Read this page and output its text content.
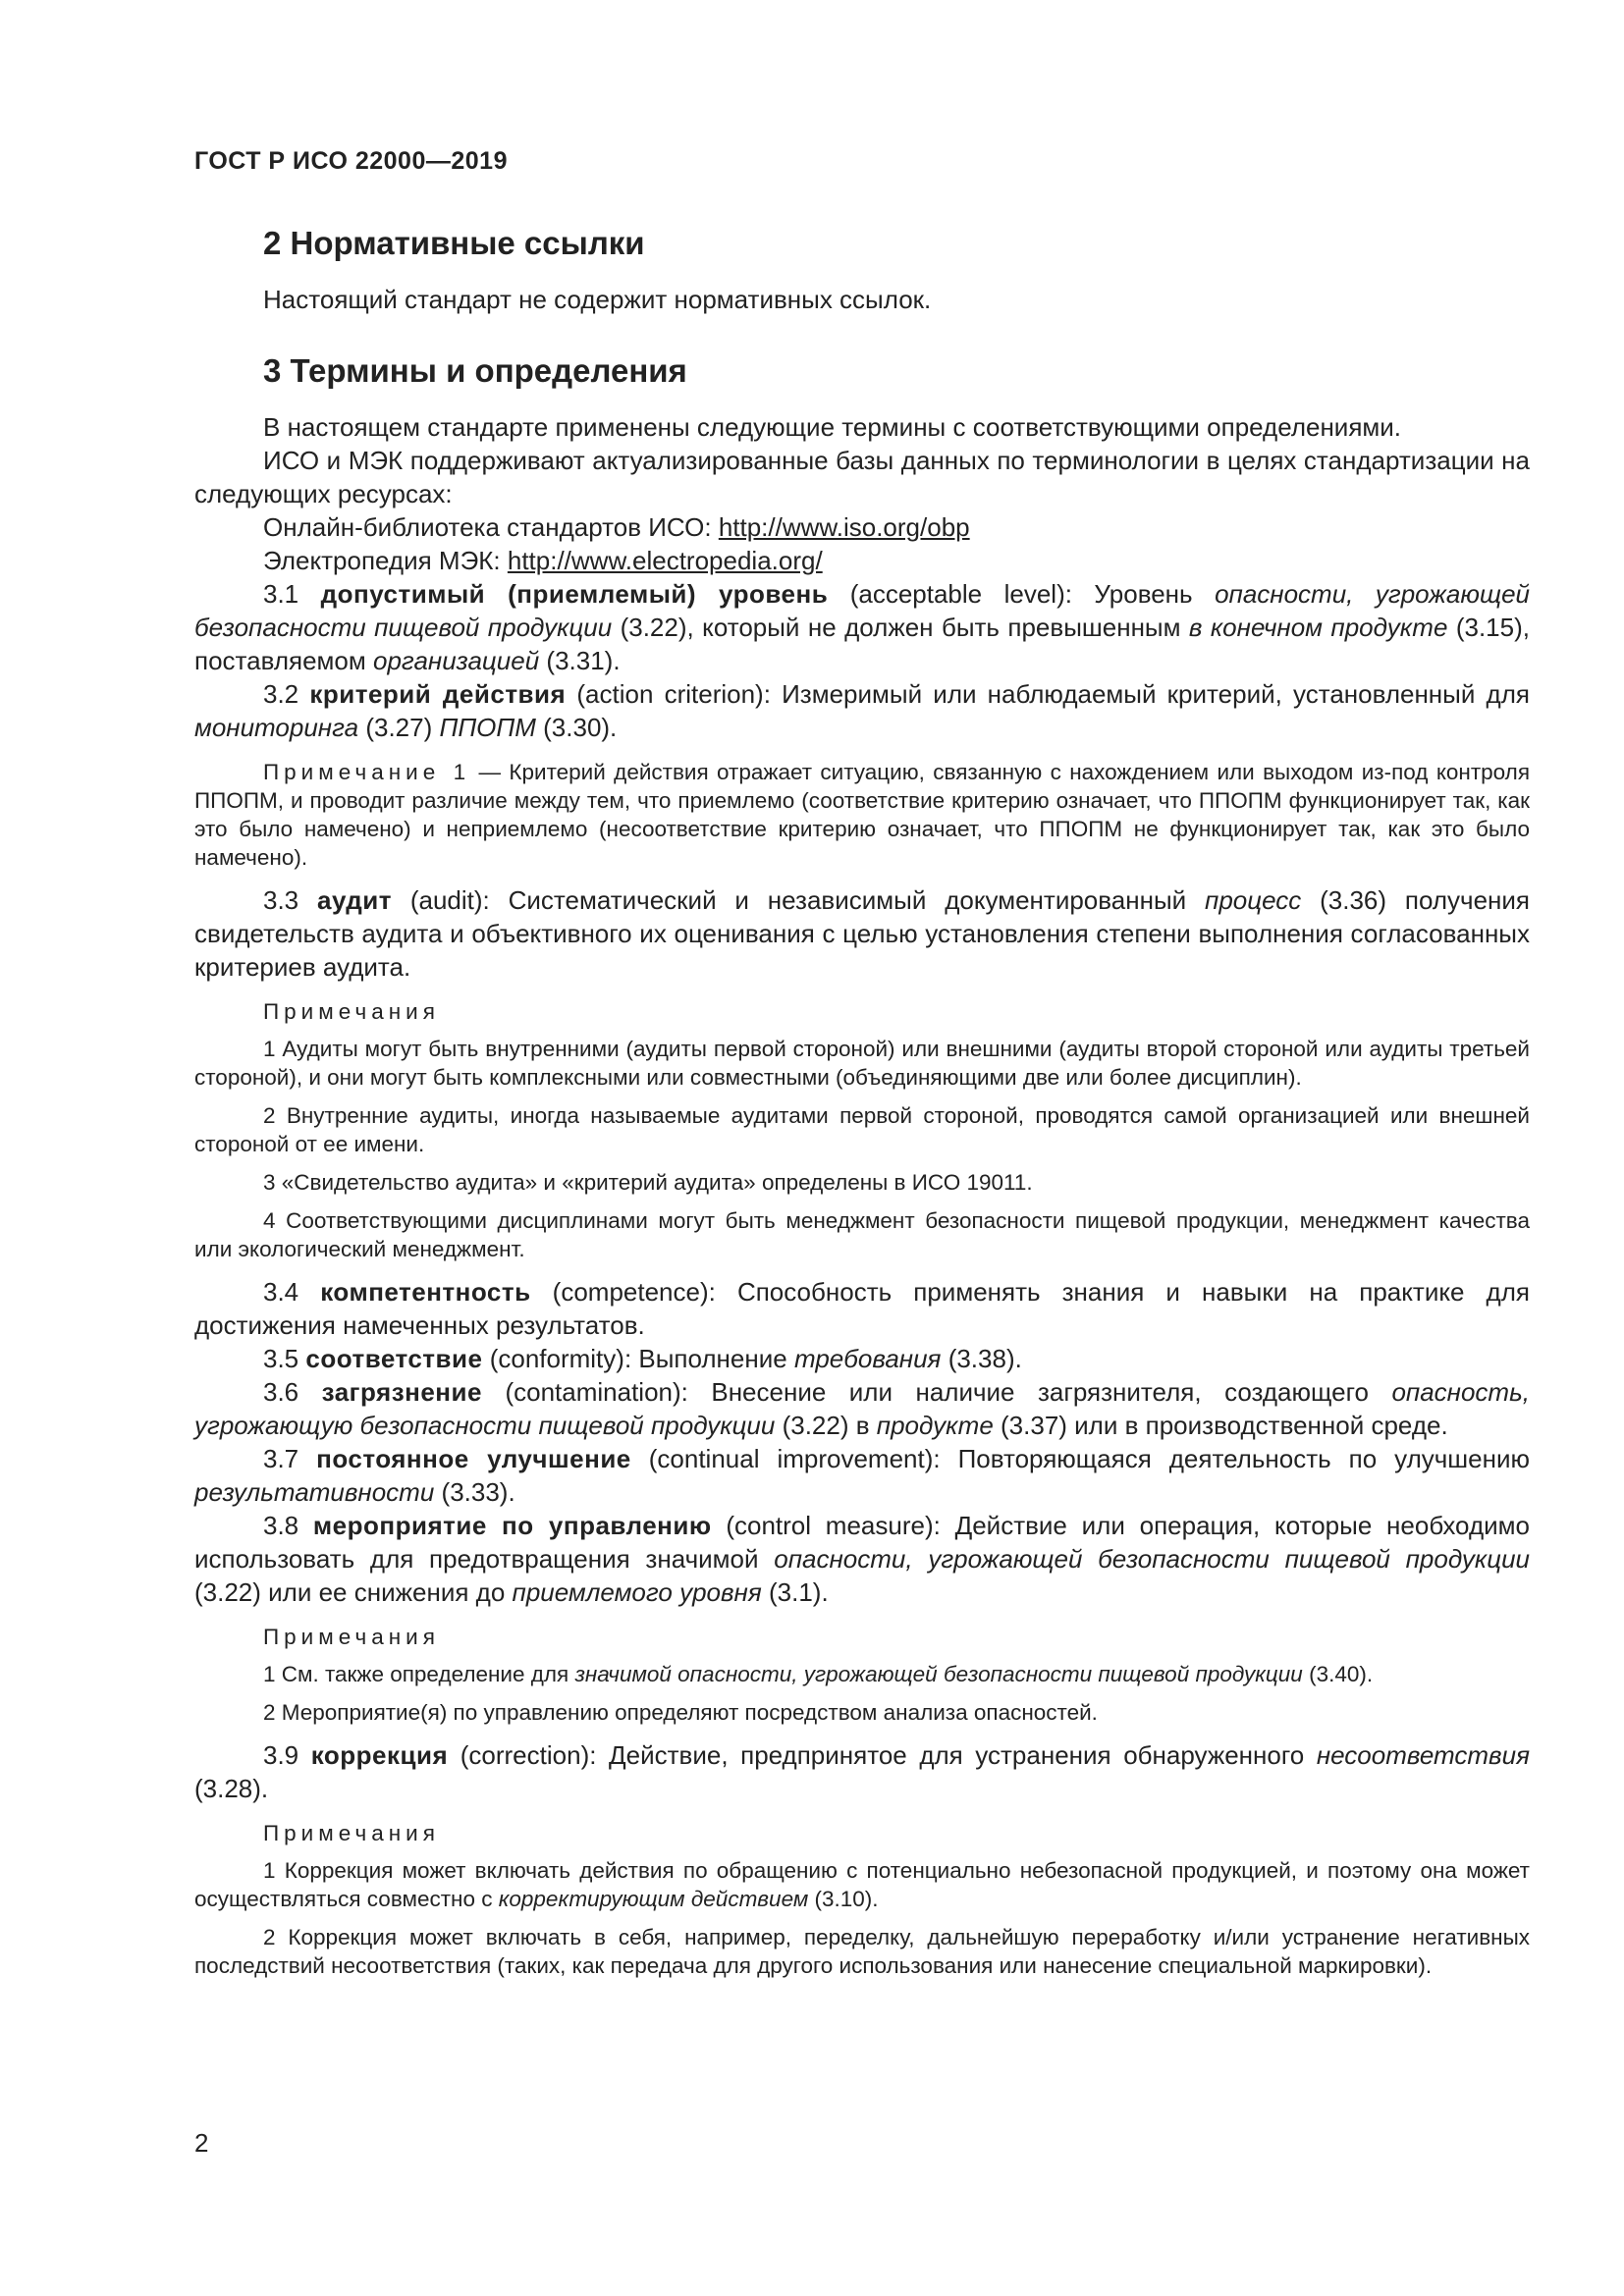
ГОСТ Р ИСО 22000—2019
2 Нормативные ссылки

Настоящий стандарт не содержит нормативных ссылок.

3 Термины и определения

В настоящем стандарте применены следующие термины с соответствующими определениями.

ИСО и МЭК поддерживают актуализированные базы данных по терминологии в целях стандартизации на следующих ресурсах:

Онлайн-библиотека стандартов ИСО: http://www.iso.org/obp

Электропедия МЭК: http://www.electropedia.org/

3.1 допустимый (приемлемый) уровень (acceptable level): Уровень опасности, угрожающей безопасности пищевой продукции (3.22), который не должен быть превышенным в конечном продукте (3.15), поставляемом организацией (3.31).

3.2 критерий действия (action criterion): Измеримый или наблюдаемый критерий, установленный для мониторинга (3.27) ППОПМ (3.30).

Примечание 1 — Критерий действия отражает ситуацию, связанную с нахождением или выходом из-под контроля ППОПМ, и проводит различие между тем, что приемлемо (соответствие критерию означает, что ППОПМ функционирует так, как это было намечено) и неприемлемо (несоответствие критерию означает, что ППОПМ не функционирует так, как это было намечено).

3.3 аудит (audit): Систематический и независимый документированный процесс (3.36) получения свидетельств аудита и объективного их оценивания с целью установления степени выполнения согласованных критериев аудита.

Примечания

1 Аудиты могут быть внутренними (аудиты первой стороной) или внешними (аудиты второй стороной или аудиты третьей стороной), и они могут быть комплексными или совместными (объединяющими две или более дисциплин).

2 Внутренние аудиты, иногда называемые аудитами первой стороной, проводятся самой организацией или внешней стороной от ее имени.

3 «Свидетельство аудита» и «критерий аудита» определены в ИСО 19011.

4 Соответствующими дисциплинами могут быть менеджмент безопасности пищевой продукции, менеджмент качества или экологический менеджмент.

3.4 компетентность (competence): Способность применять знания и навыки на практике для достижения намеченных результатов.

3.5 соответствие (conformity): Выполнение требования (3.38).

3.6 загрязнение (contamination): Внесение или наличие загрязнителя, создающего опасность, угрожающую безопасности пищевой продукции (3.22) в продукте (3.37) или в производственной среде.

3.7 постоянное улучшение (continual improvement): Повторяющаяся деятельность по улучшению результативности (3.33).

3.8 мероприятие по управлению (control measure): Действие или операция, которые необходимо использовать для предотвращения значимой опасности, угрожающей безопасности пищевой продукции (3.22) или ее снижения до приемлемого уровня (3.1).

Примечания

1 См. также определение для значимой опасности, угрожающей безопасности пищевой продукции (3.40).

2 Мероприятие(я) по управлению определяют посредством анализа опасностей.

3.9 коррекция (correction): Действие, предпринятое для устранения обнаруженного несоответствия (3.28).

Примечания

1 Коррекция может включать действия по обращению с потенциально небезопасной продукцией, и поэтому она может осуществляться совместно с корректирующим действием (3.10).

2 Коррекция может включать в себя, например, переделку, дальнейшую переработку и/или устранение негативных последствий несоответствия (таких, как передача для другого использования или нанесение специальной маркировки).

2
